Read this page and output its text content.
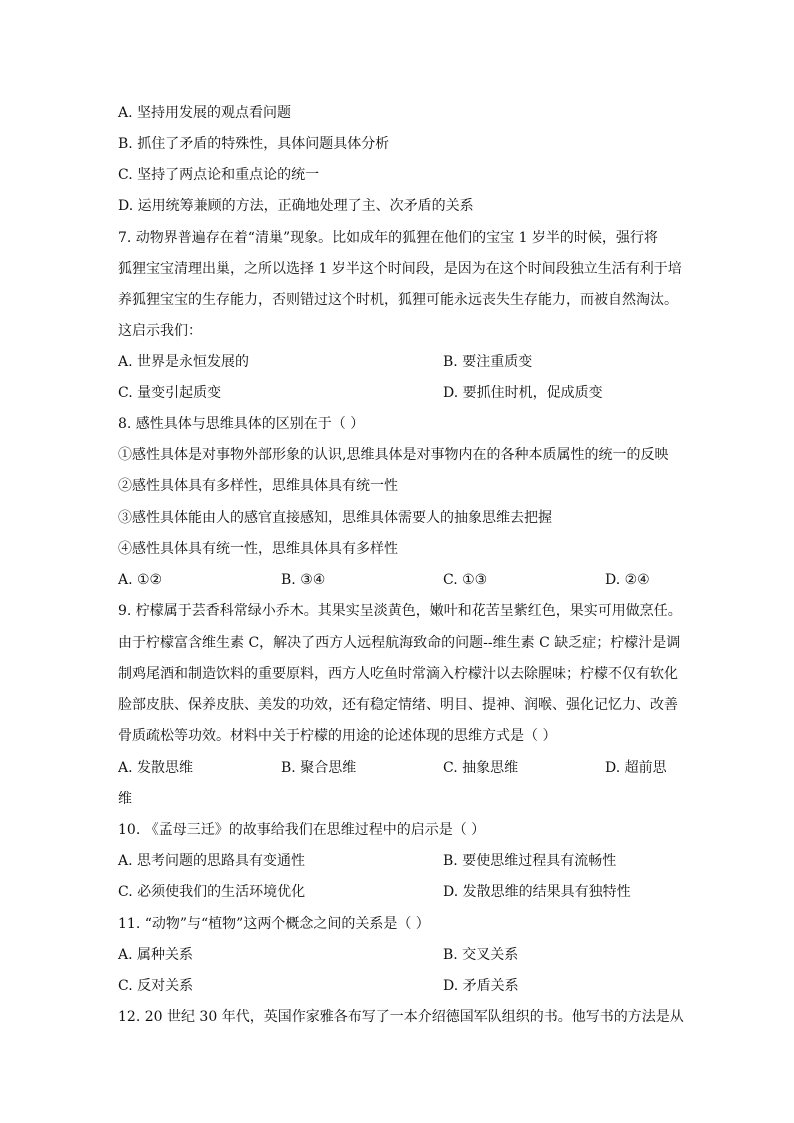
A. 坚持用发展的观点看问题
B. 抓住了矛盾的特殊性，具体问题具体分析
C. 坚持了两点论和重点论的统一
D. 运用统筹兼顾的方法，正确地处理了主、次矛盾的关系
7. 动物界普遍存在着“清巢”现象。比如成年的狐狸在他们的宝宝 1 岁半的时候，强行将
狐狸宝宝清理出巢，之所以选择 1 岁半这个时间段，是因为在这个时间段独立生活有利于培
养狐狸宝宝的生存能力，否则错过这个时机，狐狸可能永远丧失生存能力，而被自然淘汰。
这启示我们：
A. 世界是永恒发展的	B. 要注重质变
C. 量变引起质变	D. 要抓住时机，促成质变
8. 感性具体与思维具体的区别在于（ ）
①感性具体是对事物外部形象的认识,思维具体是对事物内在的各种本质属性的统一的反映
②感性具体具有多样性，思维具体具有统一性
③感性具体能由人的感官直接感知，思维具体需要人的抽象思维去把握
④感性具体具有统一性，思维具体具有多样性
A. ①②	B. ③④	C. ①③	D. ②④
9. 柠檬属于芸香科常绿小乔木。其果实呈淡黄色，嫩叶和花苦呈紫红色，果实可用做烹任。
由于柠檬富含维生素 C，解决了西方人远程航海致命的问题--维生素 C 缺乏症；柠檬汁是调
制鸡尾酒和制造饮料的重要原料，西方人吃鱼时常滴入柠檬汁以去除腥味；柠檬不仅有软化
脸部皮肤、保养皮肤、美发的功效，还有稳定情绪、明目、提神、润喉、强化记忆力、改善
骨质疏松等功效。材料中关于柠檬的用途的论述体现的思维方式是（ ）
A. 发散思维	B. 聚合思维	C. 抽象思维	D. 超前思
维
10. 《孟母三迁》的故事给我们在思维过程中的启示是（ ）
A. 思考问题的思路具有变通性	B. 要使思维过程具有流畅性
C. 必须使我们的生活环境优化	D. 发散思维的结果具有独特性
11. “动物”与“植物”这两个概念之间的关系是（ ）
A. 属种关系	B. 交叉关系
C. 反对关系	D. 矛盾关系
12. 20 世纪 30 年代，英国作家雅各布写了一本介绍德国军队组织的书。他写书的方法是从
